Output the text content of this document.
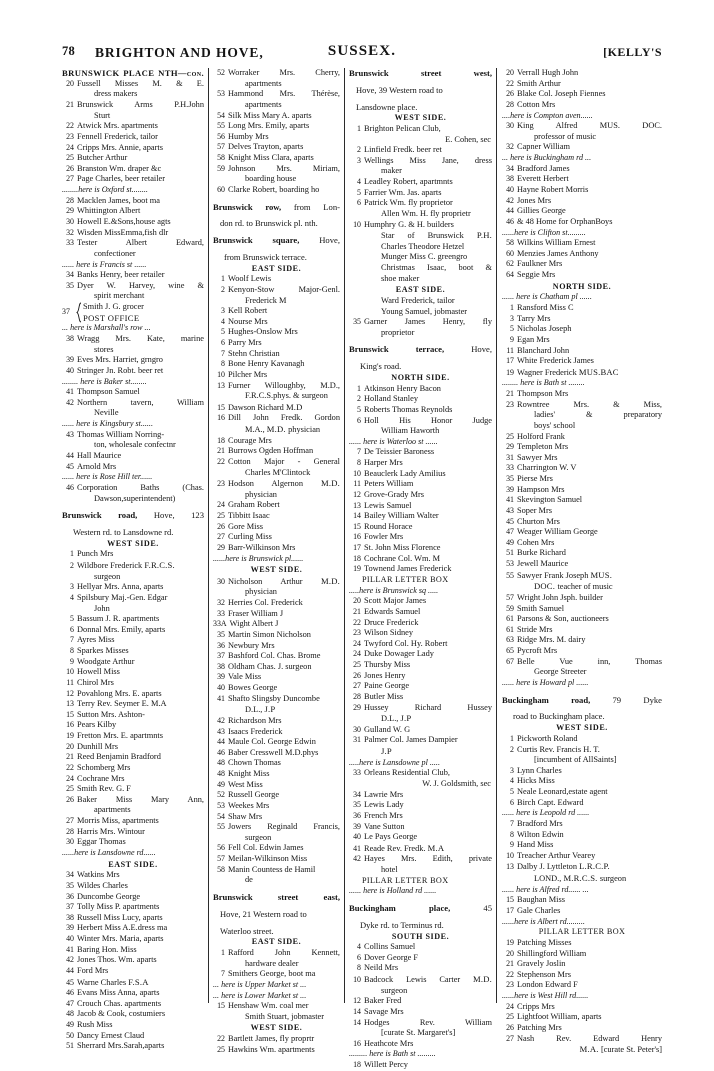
78 BRIGHTON AND HOVE,	SUSSEX.	[KELLY'S
BRUNSWICK PLACE NTH—con.
20 Fussell Misses M. & E.
dress makers
21 Brunswick Arms P.H.John
Sturt
22 Atwick Mrs. apartments
23 Fennell Frederick, tailor
24 Cripps Mrs. Annie, aparts
25 Butcher Arthur
26 Branston Wm. draper &c
27 Page Charles, beer retailer
........here is Oxford st........
28 Macklen James, boot ma
29 Whittington Albert
30 Howell E.&Sons,house agts
32 Wisden MissEmma,fish dlr
33 Tester Albert Edward,
confectioner
...... here is Francis st ......
34 Banks Henry, beer retailer
35 Dyer W. Harvey, wine &
spirit merchant
37
Smith J. G. grocer
POST OFFICE
... here is Marshall's row ...
38 Wragg Mrs. Kate, marine
stores
39 Eves Mrs. Harriet, grngro
40 Stringer Jn. Robt. beer ret
........ here is Baker st........
41 Thompson Samuel
42 Northern tavern, William
Neville
...... here is Kingsbury st......
43 Thomas William Norring-
ton, wholesale confectnr
44 Hall Maurice
45 Arnold Mrs
...... here is Rose Hill ter......
46 Corporation Baths (Chas.
Dawson,superintendent)
Brunswick road, Hove, 123
Western rd. to Lansdowne rd.
WEST SIDE.
1 Punch Mrs
2 Wildbore Frederick F.R.C.S.
surgeon
3 Hellyar Mrs. Anna, aparts
4 Spilsbury Maj.-Gen. Edgar
John
5 Bassum J. R. apartments
6 Donnal Mrs. Emily, aparts
7 Ayres Miss
8 Sparkes Misses
9 Woodgate Arthur
10 Howell Miss
11 Chirol Mrs
12 Povahlong Mrs. E. aparts
13 Terry Rev. Seymer E. M.A
15 Sutton Mrs. Ashton-
16 Pears Kilby
19 Fretton Mrs. E. apartmnts
20 Dunhill Mrs
21 Reed Benjamin Bradford
22 Schomberg Mrs
24 Cochrane Mrs
25 Smith Rev. G. F
26 Baker Miss Mary Ann,
apartments
27 Morris Miss, apartments
28 Harris Mrs. Wintour
30 Eggar Thomas
......here is Lansdowne rd......
EAST SIDE.
34 Watkins Mrs
35 Wildes Charles
36 Duncombe George
37 Tolly Miss P. apartments
38 Russell Miss Lucy, aparts
39 Herbert Miss A.E.dress ma
40 Winter Mrs. Maria, aparts
41 Baring Hon. Miss
42 Jones Thos. Wm. aparts
44 Ford Mrs
45 Warne Charles F.S.A
46 Evans Miss Anna, aparts
47 Crouch Chas. apartments
48 Jacob & Cook, costumiers
49 Rush Miss
50 Dancy Ernest Claud
51 Sherrard Mrs.Sarah,aparts
52 Worraker Mrs. Cherry,
apartments
53 Hammond Mrs. Thérèse,
apartments
54 Silk Miss Mary A. aparts
55 Long Mrs. Emily, aparts
56 Humby Mrs
57 Delves Trayton, aparts
58 Knight Miss Clara, aparts
59 Johnson Mrs. Miriam,
boarding house
60 Clarke Robert, boarding ho
Brunswick row, from Lon-
don rd. to Brunswick pl. nth.
Brunswick square, Hove,
from Brunswick terrace.
EAST SIDE.
1 Woolf Lewis
2 Kenyon-Stow Major-Genl.
Frederick M
3 Kell Robert
4 Nourse Mrs
5 Hughes-Onslow Mrs
6 Parry Mrs
7 Stehn Christian
8 Bone Henry Kavanagh
10 Pilcher Mrs
13 Furner Willoughby, M.D.,
F.R.C.S.phys. & surgeon
15 Dawson Richard M.D
16 Dill John Fredk. Gordon
M.A., M.D. physician
18 Courage Mrs
21 Burrows Ogden Hoffman
22 Cotton Major - General
Charles M'Clintock
23 Hodson Algernon M.D.
physician
24 Graham Robert
25 Tibbitt Isaac
26 Gore Miss
27 Curling Miss
29 Barr-Wilkinson Mrs
......here is Brunswick pl......
WEST SIDE.
30 Nicholson Arthur M.D.
physician
32 Herries Col. Frederick
33 Fraser William J
33A Wight Albert J
35 Martin Simon Nicholson
36 Newbury Mrs
37 Bashford Col. Chas. Brome
38 Oldham Chas. J. surgeon
39 Vale Miss
40 Bowes George
41 Shafto Slingsby Duncombe
D.L., J.P
42 Richardson Mrs
43 Isaacs Frederick
44 Maule Col. George Edwin
46 Baber Cresswell M.D.phys
48 Chown Thomas
48 Knight Miss
49 West Miss
52 Russell George
53 Weekes Mrs
54 Shaw Mrs
55 Jowers Reginald Francis,
surgeon
56 Fell Col. Edwin James
57 Meilan-Wilkinson Miss
58 Manin Countess de Hamil
de
Brunswick street east,
Hove, 21 Western road to
Waterloo street.
EAST SIDE.
1 Rafford John Kennett,
hardware dealer
7 Smithers George, boot ma
... here is Upper Market st ...
... here is Lower Market st ...
15 Henshaw Wm. coal mer
Smith Stuart, jobmaster
WEST SIDE.
22 Bartlett James, fly proprtr
25 Hawkins Wm. apartments
Brunswick street west,
Hove, 39 Western road to
Lansdowne place.
WEST SIDE.
1 Brighton Pelican Club,
E. Cohen, sec
2 Linfield Fredk. beer ret
3 Wellings Miss Jane, dress
maker
4 Leadley Robert, apartmnts
5 Farrier Wm. Jas. aparts
6 Patrick Wm. fly proprietor
Allen Wm. H. fly proprietr
10 Humphry G. & H. builders
Star of Brunswick P.H.
Charles Theodore Hetzel
Munger Miss C. greengro
Christmas Isaac, boot &
shoe maker
EAST SIDE.
Ward Frederick, tailor
Young Samuel, jobmaster
35 Garner James Henry, fly
proprietor
Brunswick terrace, Hove,
King's road.
NORTH SIDE.
1 Atkinson Henry Bacon
2 Holland Stanley
5 Roberts Thomas Reynolds
6 Holl His Honor Judge
William Haworth
...... here is Waterloo st ......
7 De Teissier Baroness
8 Harper Mrs
10 Beauclerk Lady Amilius
11 Peters William
12 Grove-Grady Mrs
13 Lewis Samuel
14 Bailey William Walter
15 Round Horace
16 Fowler Mrs
17 St. John Miss Florence
18 Cochrane Col. Wm. M
19 Townend James Frederick
PILLAR LETTER BOX
.....here is Brunswick sq .....
20 Scott Major James
21 Edwards Samuel
22 Druce Frederick
23 Wilson Sidney
24 Twyford Col. Hy. Robert
24 Duke Dowager Lady
25 Thursby Miss
26 Jones Henry
27 Paine George
28 Butler Miss
29 Hussey Richard Hussey
D.L., J.P
30 Gulland W. G
31 Palmer Col. James Dampier
J.P
.....here is Lansdowne pl .....
33 Orleans Residential Club,
W. J. Goldsmith, sec
34 Lawrie Mrs
35 Lewis Lady
36 French Mrs
39 Vane Sutton
40 Le Pays George
41 Reade Rev. Fredk. M.A
42 Hayes Mrs. Edith, private
hotel
PILLAR LETTER BOX
...... here is Holland rd ......
Buckingham place, 45
Dyke rd. to Terminus rd.
SOUTH SIDE.
4 Collins Samuel
6 Dover George F
8 Neild Mrs
10 Badcock Lewis Carter M.D.
surgeon
12 Baker Fred
14 Savage Mrs
14 Hodges Rev. William
[curate St. Margaret's]
16 Heathcote Mrs
......... here is Bath st .........
18 Willett Percy
20 Verrall Hugh John
22 Smith Arthur
26 Blake Col. Joseph Fiennes
28 Cotton Mrs
....here is Compton aven......
30 King Alfred MUS. DOC.
professor of music
32 Capner William
... here is Buckingham rd ...
34 Bradford James
38 Everett Herbert
40 Hayne Robert Morris
42 Jones Mrs
44 Gillies George
46 & 48 Home for OrphanBoys
......here is Clifton st.........
58 Wilkins William Ernest
60 Menzies James Anthony
62 Faulkner Mrs
64 Seggie Mrs
NORTH SIDE.
...... here is Chatham pl ......
1 Ransford Miss C
3 Tarry Mrs
5 Nicholas Joseph
9 Egan Mrs
11 Blanchard John
17 White Frederick James
19 Wagner Frederick MUS.BAC
........ here is Bath st ........
21 Thompson Mrs
23 Rowntree Mrs. & Miss,
ladies' & preparatory
boys' school
25 Holford Frank
29 Templeton Mrs
31 Sawyer Mrs
33 Charrington W. V
35 Pierse Mrs
39 Hampson Mrs
41 Skevington Samuel
43 Soper Mrs
45 Churton Mrs
47 Weager William George
49 Cohen Mrs
51 Burke Richard
53 Jewell Maurice
55 Sawyer Frank Joseph MUS.
DOC. teacher of music
57 Wright John Jsph. builder
59 Smith Samuel
61 Parsons & Son, auctioneers
61 Stride Mrs
63 Ridge Mrs. M. dairy
65 Pycroft Mrs
67 Belle Vue inn, Thomas
George Streeter
...... here is Howard pl ......
Buckingham road, 79 Dyke
road to Buckingham place.
WEST SIDE.
1 Pickworth Roland
2 Curtis Rev. Francis H. T.
[incumbent of AllSaints]
3 Lynn Charles
4 Hicks Miss
5 Neale Leonard,estate agent
6 Birch Capt. Edward
...... here is Leopold rd ......
7 Bradford Mrs
8 Wilton Edwin
9 Hand Miss
10 Treacher Arthur Vearey
13 Dalby J. Lyttleton L.R.C.P.
LOND., M.R.C.S. surgeon
...... here is Alfred rd...... ...
15 Baughan Miss
17 Gale Charles
......here is Albert rd.........
PILLAR LETTER BOX
19 Patching Misses
20 Shillingford William
21 Gravely Joslin
22 Stephenson Mrs
23 London Edward F
......here is West Hill rd......
24 Cripps Mrs
25 Lightfoot William, aparts
26 Patching Mrs
27 Nash Rev. Edward Henry
M.A. [curate St. Peter's]
